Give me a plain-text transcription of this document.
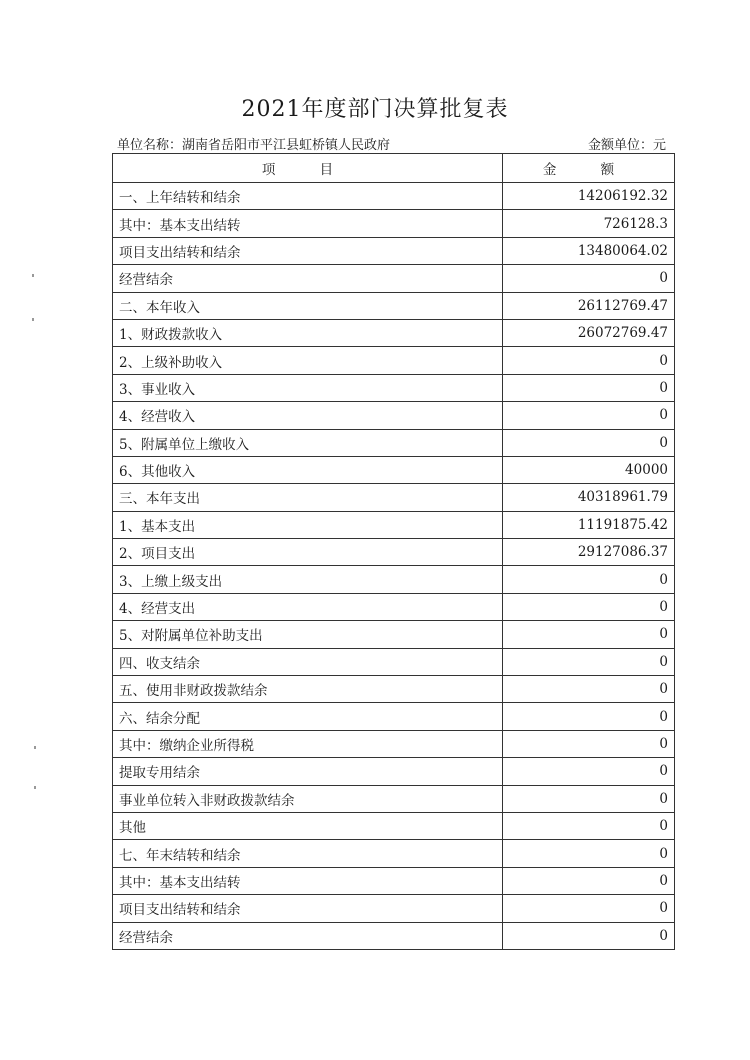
2021年度部门决算批复表
单位名称：湖南省岳阳市平江县虹桥镇人民政府	金额单位：元
项 目	金 额
一、上年结转和结余	14206192.32
其中：基本支出结转	726128.3
项目支出结转和结余	13480064.02
经营结余	0
二、本年收入	26112769.47
1、财政拨款收入	26072769.47
2、上级补助收入	0
3、事业收入	0
4、经营收入	0
5、附属单位上缴收入	0
6、其他收入	40000
三、本年支出	40318961.79
1、基本支出	11191875.42
2、项目支出	29127086.37
3、上缴上级支出	0
4、经营支出	0
5、对附属单位补助支出	0
四、收支结余	0
五、使用非财政拨款结余	0
六、结余分配	0
其中：缴纳企业所得税	0
提取专用结余	0
事业单位转入非财政拨款结余	0
其他	0
七、年末结转和结余	0
其中：基本支出结转	0
项目支出结转和结余	0
经营结余	0
